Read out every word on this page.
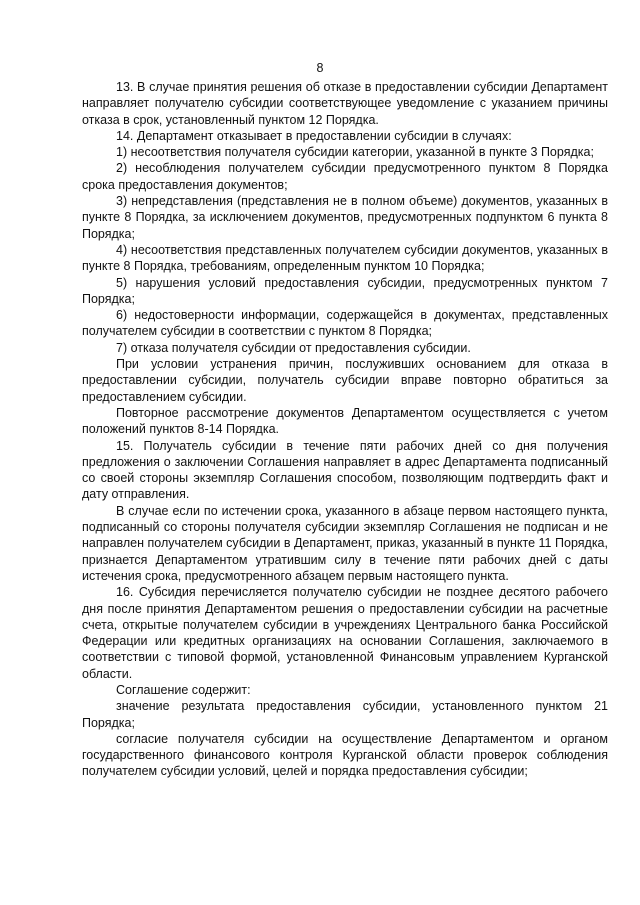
8

13. В случае принятия решения об отказе в предоставлении субсидии Департамент направляет получателю субсидии соответствующее уведомление с указанием причины отказа в срок, установленный пунктом 12 Порядка.

14. Департамент отказывает в предоставлении субсидии в случаях:

1) несоответствия получателя субсидии категории, указанной в пункте 3 Порядка;

2) несоблюдения получателем субсидии предусмотренного пунктом 8 Порядка срока предоставления документов;

3) непредставления (представления не в полном объеме) документов, указанных в пункте 8 Порядка, за исключением документов, предусмотренных подпунктом 6 пункта 8 Порядка;

4) несоответствия представленных получателем субсидии документов, указанных в пункте 8 Порядка, требованиям, определенным пунктом 10 Порядка;

5) нарушения условий предоставления субсидии, предусмотренных пунктом 7 Порядка;

6) недостоверности информации, содержащейся в документах, представленных получателем субсидии в соответствии с пунктом 8 Порядка;

7) отказа получателя субсидии от предоставления субсидии.

При условии устранения причин, послуживших основанием для отказа в предоставлении субсидии, получатель субсидии вправе повторно обратиться за предоставлением субсидии.

Повторное рассмотрение документов Департаментом осуществляется с учетом положений пунктов 8-14 Порядка.

15. Получатель субсидии в течение пяти рабочих дней со дня получения предложения о заключении Соглашения направляет в адрес Департамента подписанный со своей стороны экземпляр Соглашения способом, позволяющим подтвердить факт и дату отправления.

В случае если по истечении срока, указанного в абзаце первом настоящего пункта, подписанный со стороны получателя субсидии экземпляр Соглашения не подписан и не направлен получателем субсидии в Департамент, приказ, указанный в пункте 11 Порядка, признается Департаментом утратившим силу в течение пяти рабочих дней с даты истечения срока, предусмотренного абзацем первым настоящего пункта.

16. Субсидия перечисляется получателю субсидии не позднее десятого рабочего дня после принятия Департаментом решения о предоставлении субсидии на расчетные счета, открытые получателем субсидии в учреждениях Центрального банка Российской Федерации или кредитных организациях на основании Соглашения, заключаемого в соответствии с типовой формой, установленной Финансовым управлением Курганской области.

Соглашение содержит:

значение результата предоставления субсидии, установленного пунктом 21 Порядка;

согласие получателя субсидии на осуществление Департаментом и органом государственного финансового контроля Курганской области проверок соблюдения получателем субсидии условий, целей и порядка предоставления субсидии;
